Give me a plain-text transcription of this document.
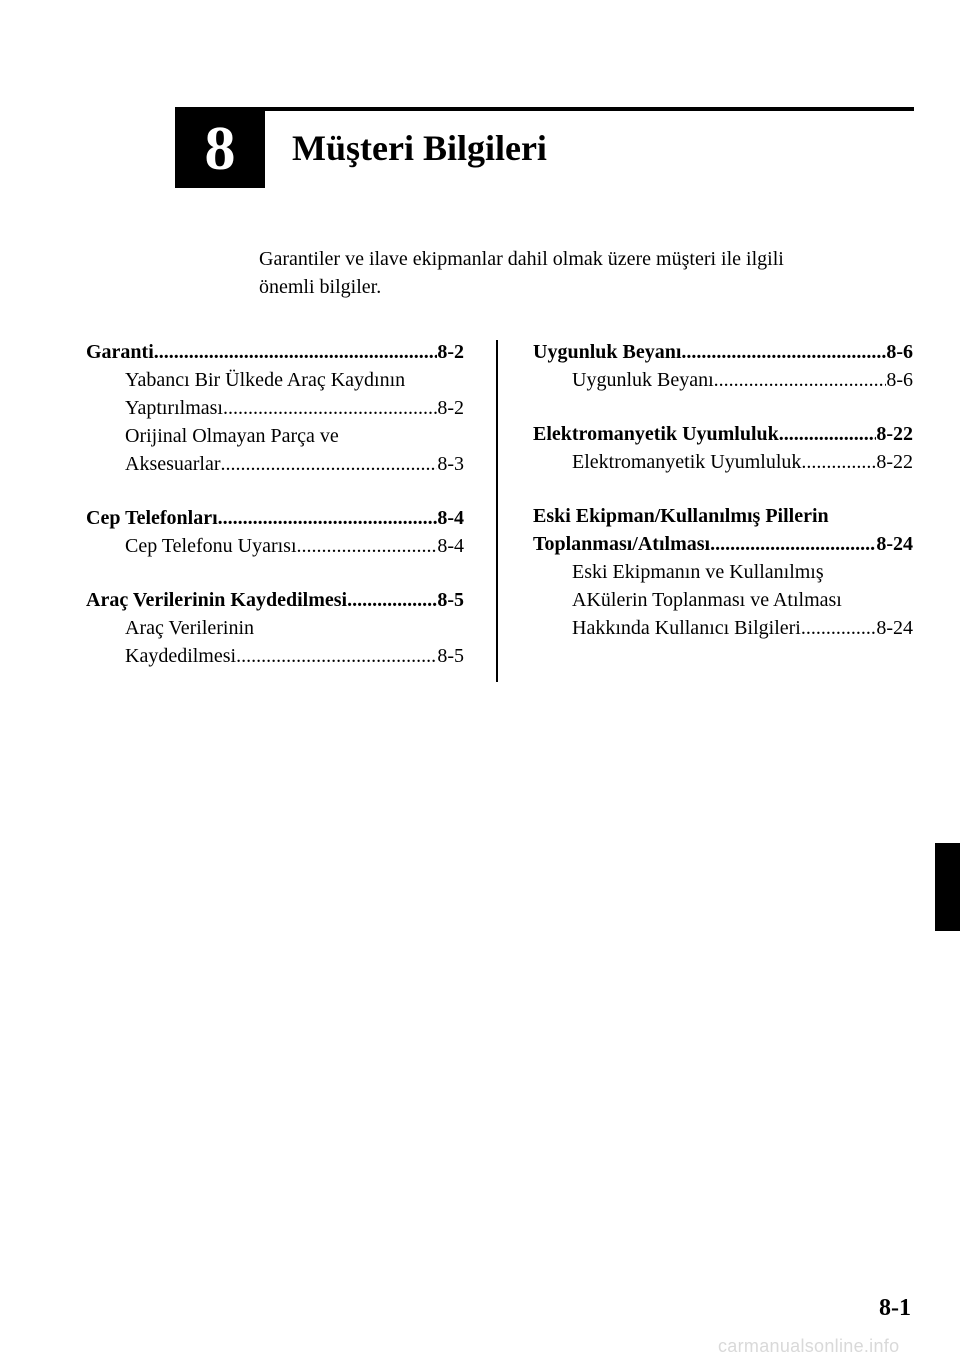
8	Müşteri Bilgileri
Garantiler ve ilave ekipmanlar dahil olmak üzere müşteri ile ilgili
önemli bilgiler.
Garanti .....	8-2
Yabancı Bir Ülkede Araç Kaydının
Yaptırılması .....	8-2
Orijinal Olmayan Parça ve
Aksesuarlar .....	8-3
Cep Telefonları .....	8-4
Cep Telefonu Uyarısı .....	8-4
Araç Verilerinin Kaydedilmesi .....	8-5
Araç Verilerinin
Kaydedilmesi .....	8-5
Uygunluk Beyanı .....	8-6
Uygunluk Beyanı .....	8-6
Elektromanyetik Uyumluluk .....	8-22
Elektromanyetik Uyumluluk .....	8-22
Eski Ekipman/Kullanılmış Pillerin
Toplanması/Atılması .....	8-24
Eski Ekipmanın ve Kullanılmış
AKülerin Toplanması ve Atılması
Hakkında Kullanıcı Bilgileri .....	8-24
8-1
carmanualsonline.info
